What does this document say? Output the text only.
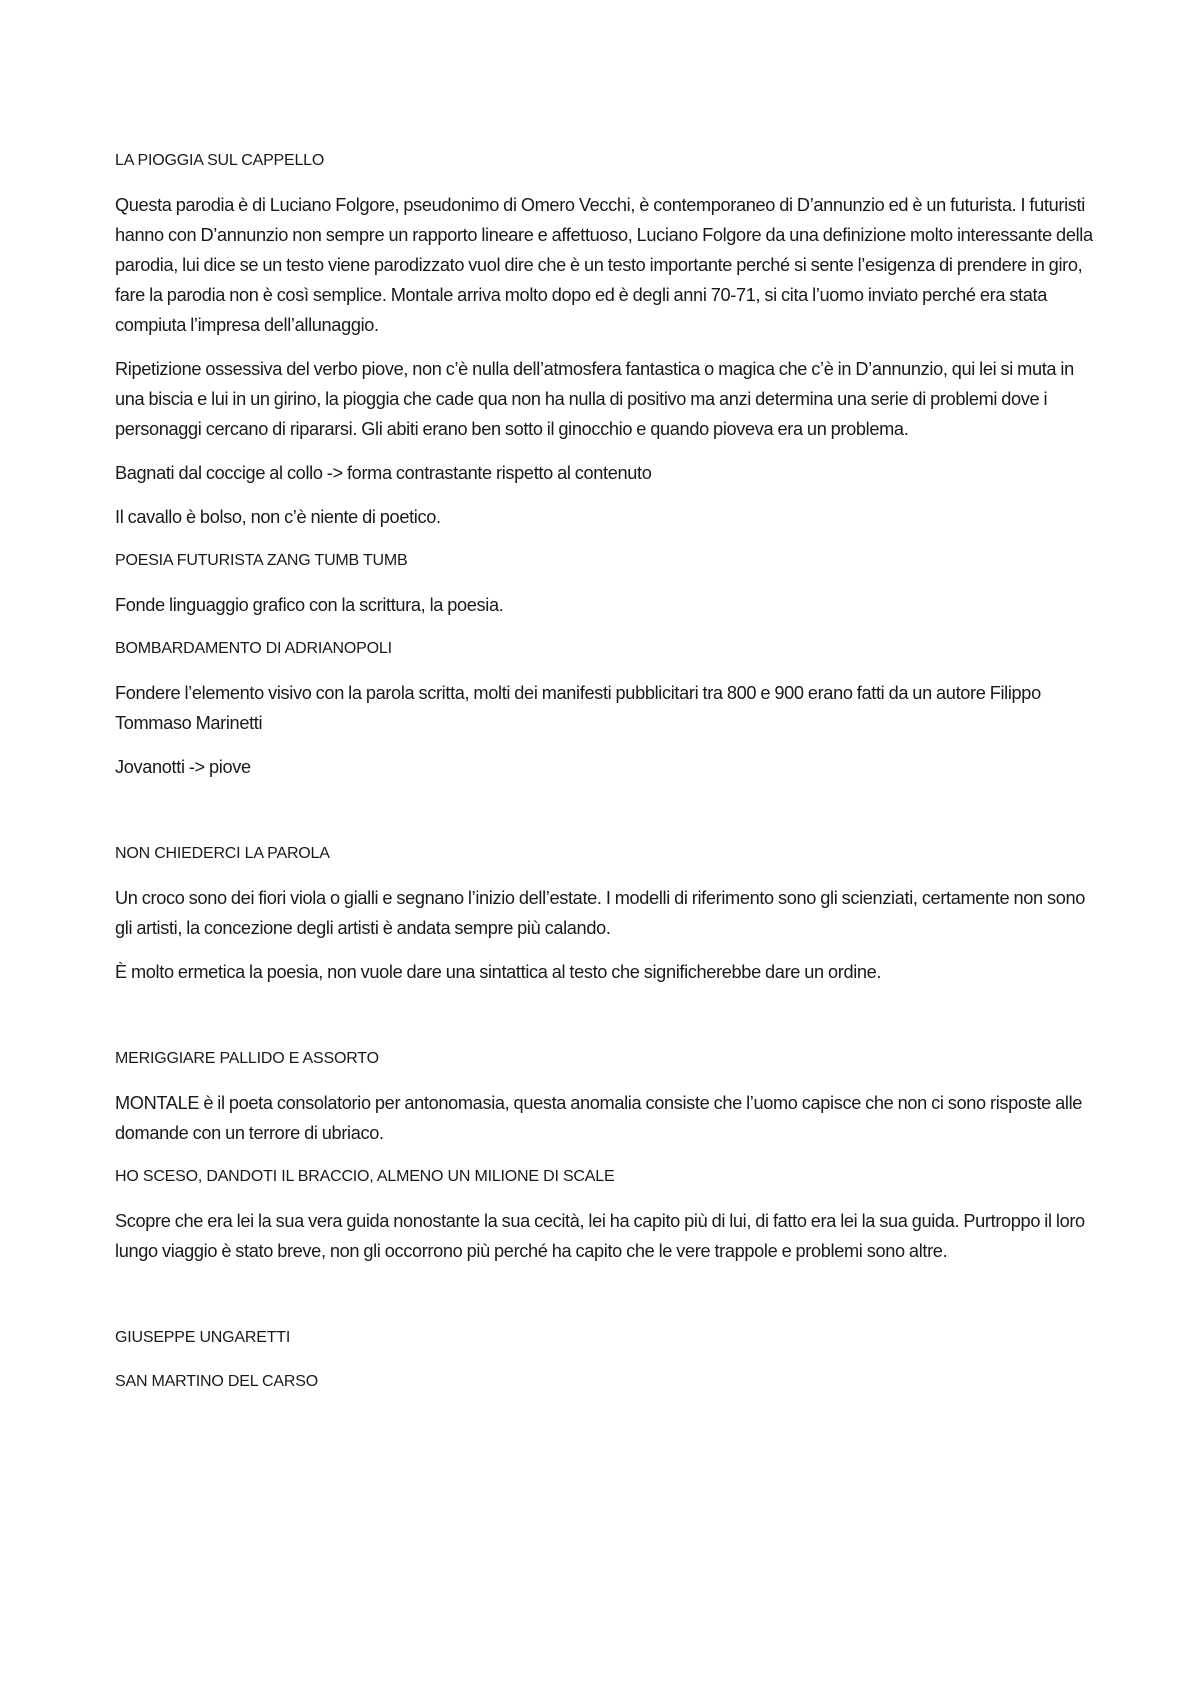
LA PIOGGIA SUL CAPPELLO
Questa parodia è di Luciano Folgore, pseudonimo di Omero Vecchi, è contemporaneo di D’annunzio ed è un futurista. I futuristi hanno con D’annunzio non sempre un rapporto lineare e affettuoso, Luciano Folgore da una definizione molto interessante della parodia, lui dice se un testo viene parodizzato vuol dire che è un testo importante perché si sente l’esigenza di prendere in giro, fare la parodia non è così semplice. Montale arriva molto dopo ed è degli anni 70-71, si cita l’uomo inviato perché era stata compiuta l’impresa dell’allunaggio.
Ripetizione ossessiva del verbo piove, non c’è nulla dell’atmosfera fantastica o magica che c’è in D’annunzio, qui lei si muta in una biscia e lui in un girino, la pioggia che cade qua non ha nulla di positivo ma anzi determina una serie di problemi dove i personaggi cercano di ripararsi. Gli abiti erano ben sotto il ginocchio e quando pioveva era un problema.
Bagnati dal coccige al collo -> forma contrastante rispetto al contenuto
Il cavallo è bolso, non c’è niente di poetico.
POESIA FUTURISTA ZANG TUMB TUMB
Fonde linguaggio grafico con la scrittura, la poesia.
BOMBARDAMENTO DI ADRIANOPOLI
Fondere l’elemento visivo con la parola scritta, molti dei manifesti pubblicitari tra 800 e 900 erano fatti da un autore Filippo Tommaso Marinetti
Jovanotti -> piove
NON CHIEDERCI LA PAROLA
Un croco sono dei fiori viola o gialli e segnano l’inizio dell’estate. I modelli di riferimento sono gli scienziati, certamente non sono gli artisti, la concezione degli artisti è andata sempre più calando.
È molto ermetica la poesia, non vuole dare una sintattica al testo che significherebbe dare un ordine.
MERIGGIARE PALLIDO E ASSORTO
MONTALE è il poeta consolatorio per antonomasia, questa anomalia consiste che l’uomo capisce che non ci sono risposte alle domande con un terrore di ubriaco.
HO SCESO, DANDOTI IL BRACCIO, ALMENO UN MILIONE DI SCALE
Scopre che era lei la sua vera guida nonostante la sua cecità, lei ha capito più di lui, di fatto era lei la sua guida. Purtroppo il loro lungo viaggio è stato breve, non gli occorrono più perché ha capito che le vere trappole e problemi sono altre.
GIUSEPPE UNGARETTI
SAN MARTINO DEL CARSO
